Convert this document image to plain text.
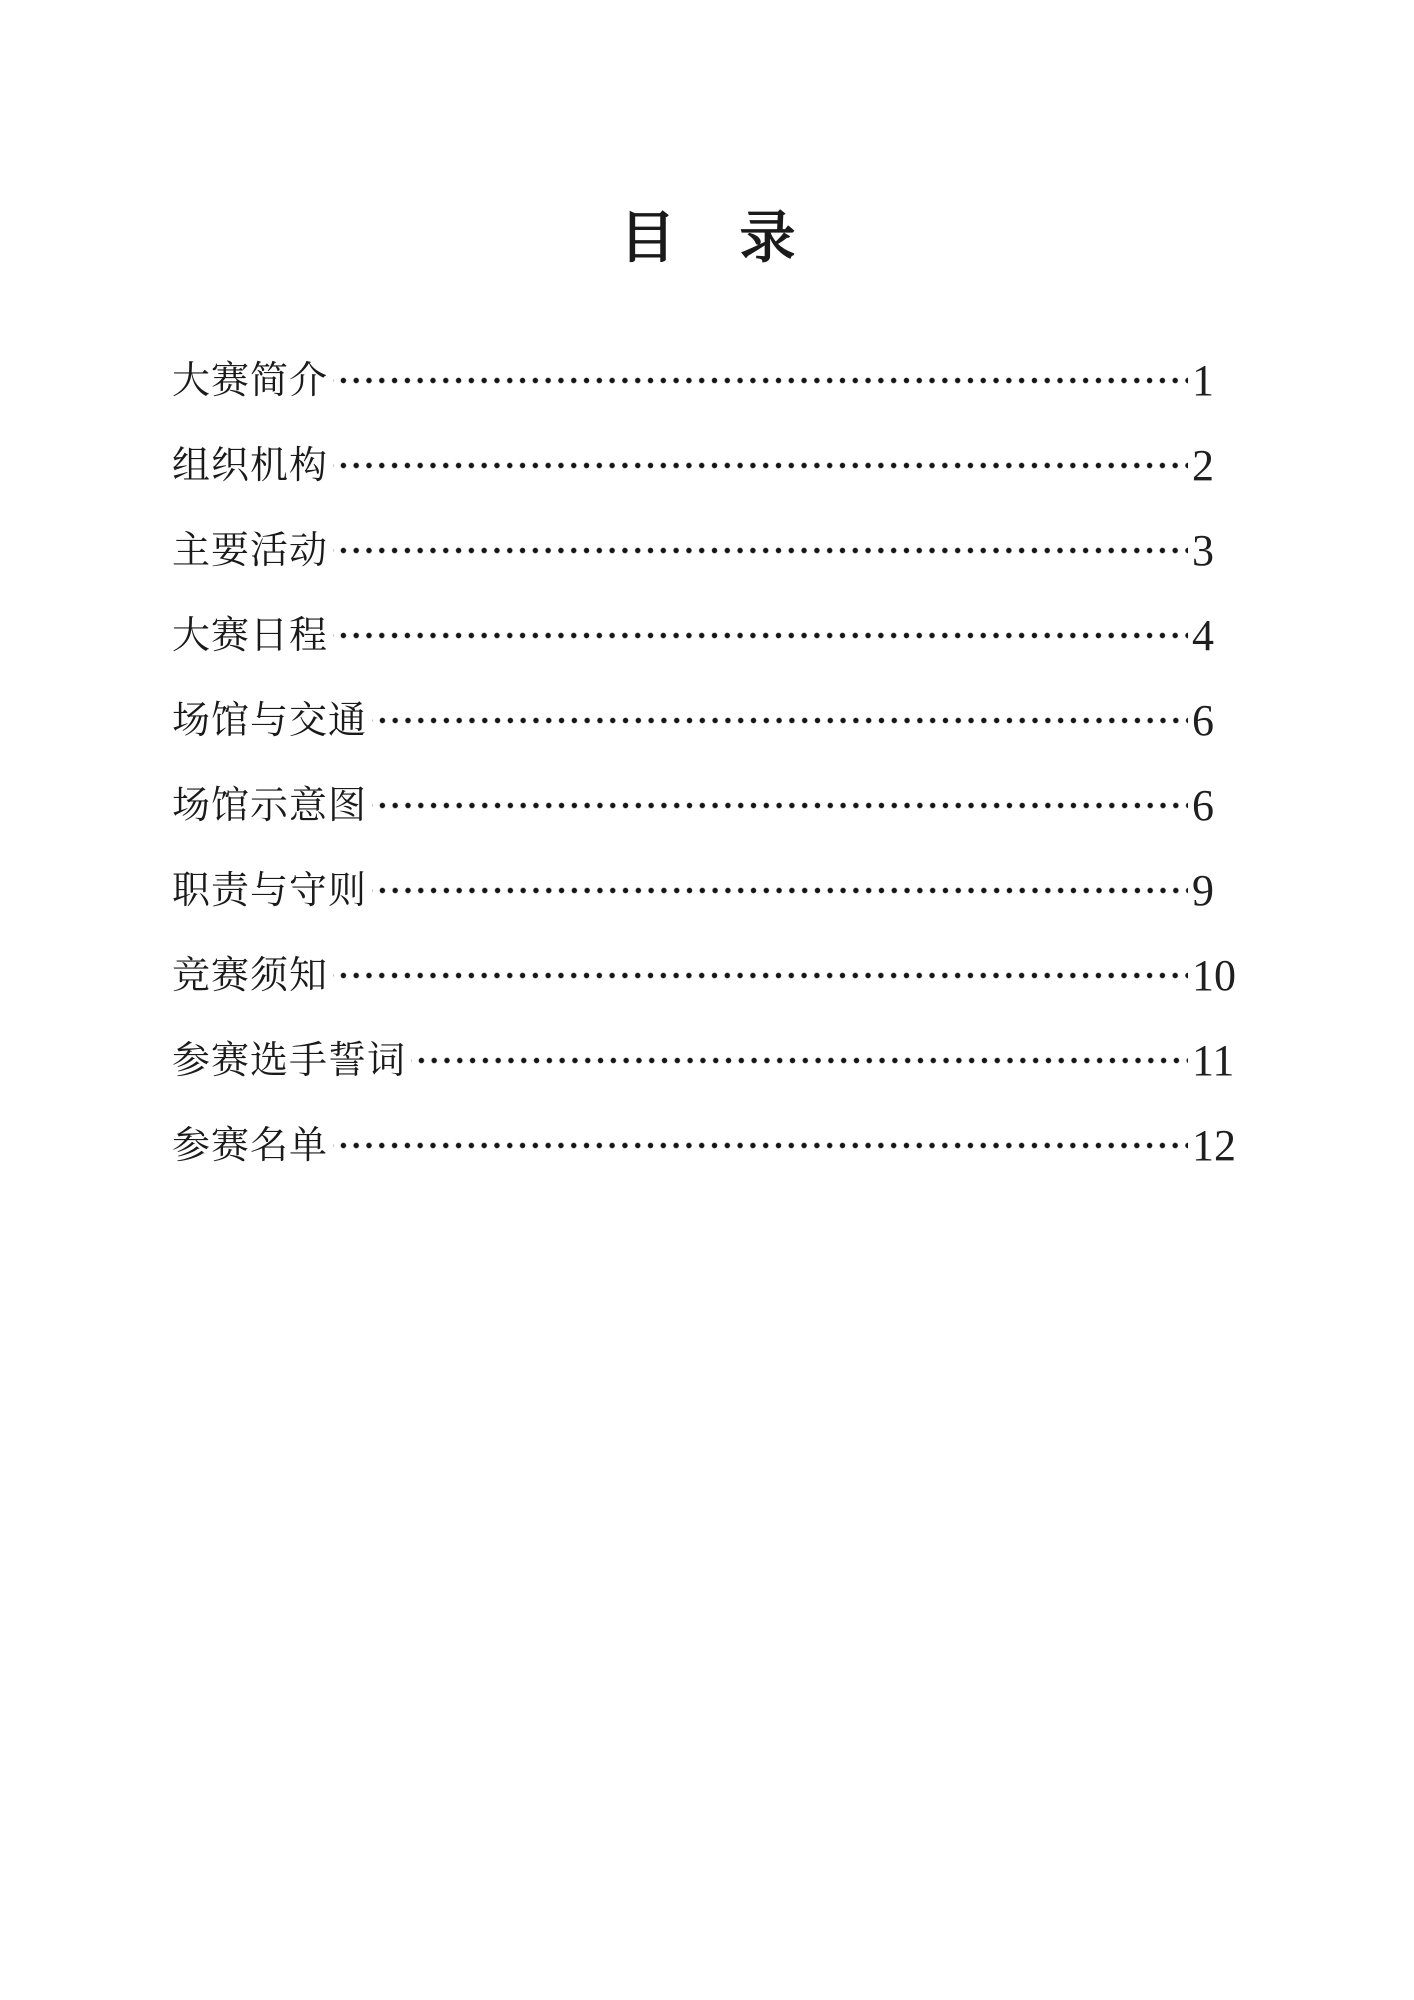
目　录
大赛简介	1
组织机构	2
主要活动	3
大赛日程	4
场馆与交通	6
场馆示意图	6
职责与守则	9
竞赛须知	10
参赛选手誓词	11
参赛名单	12
